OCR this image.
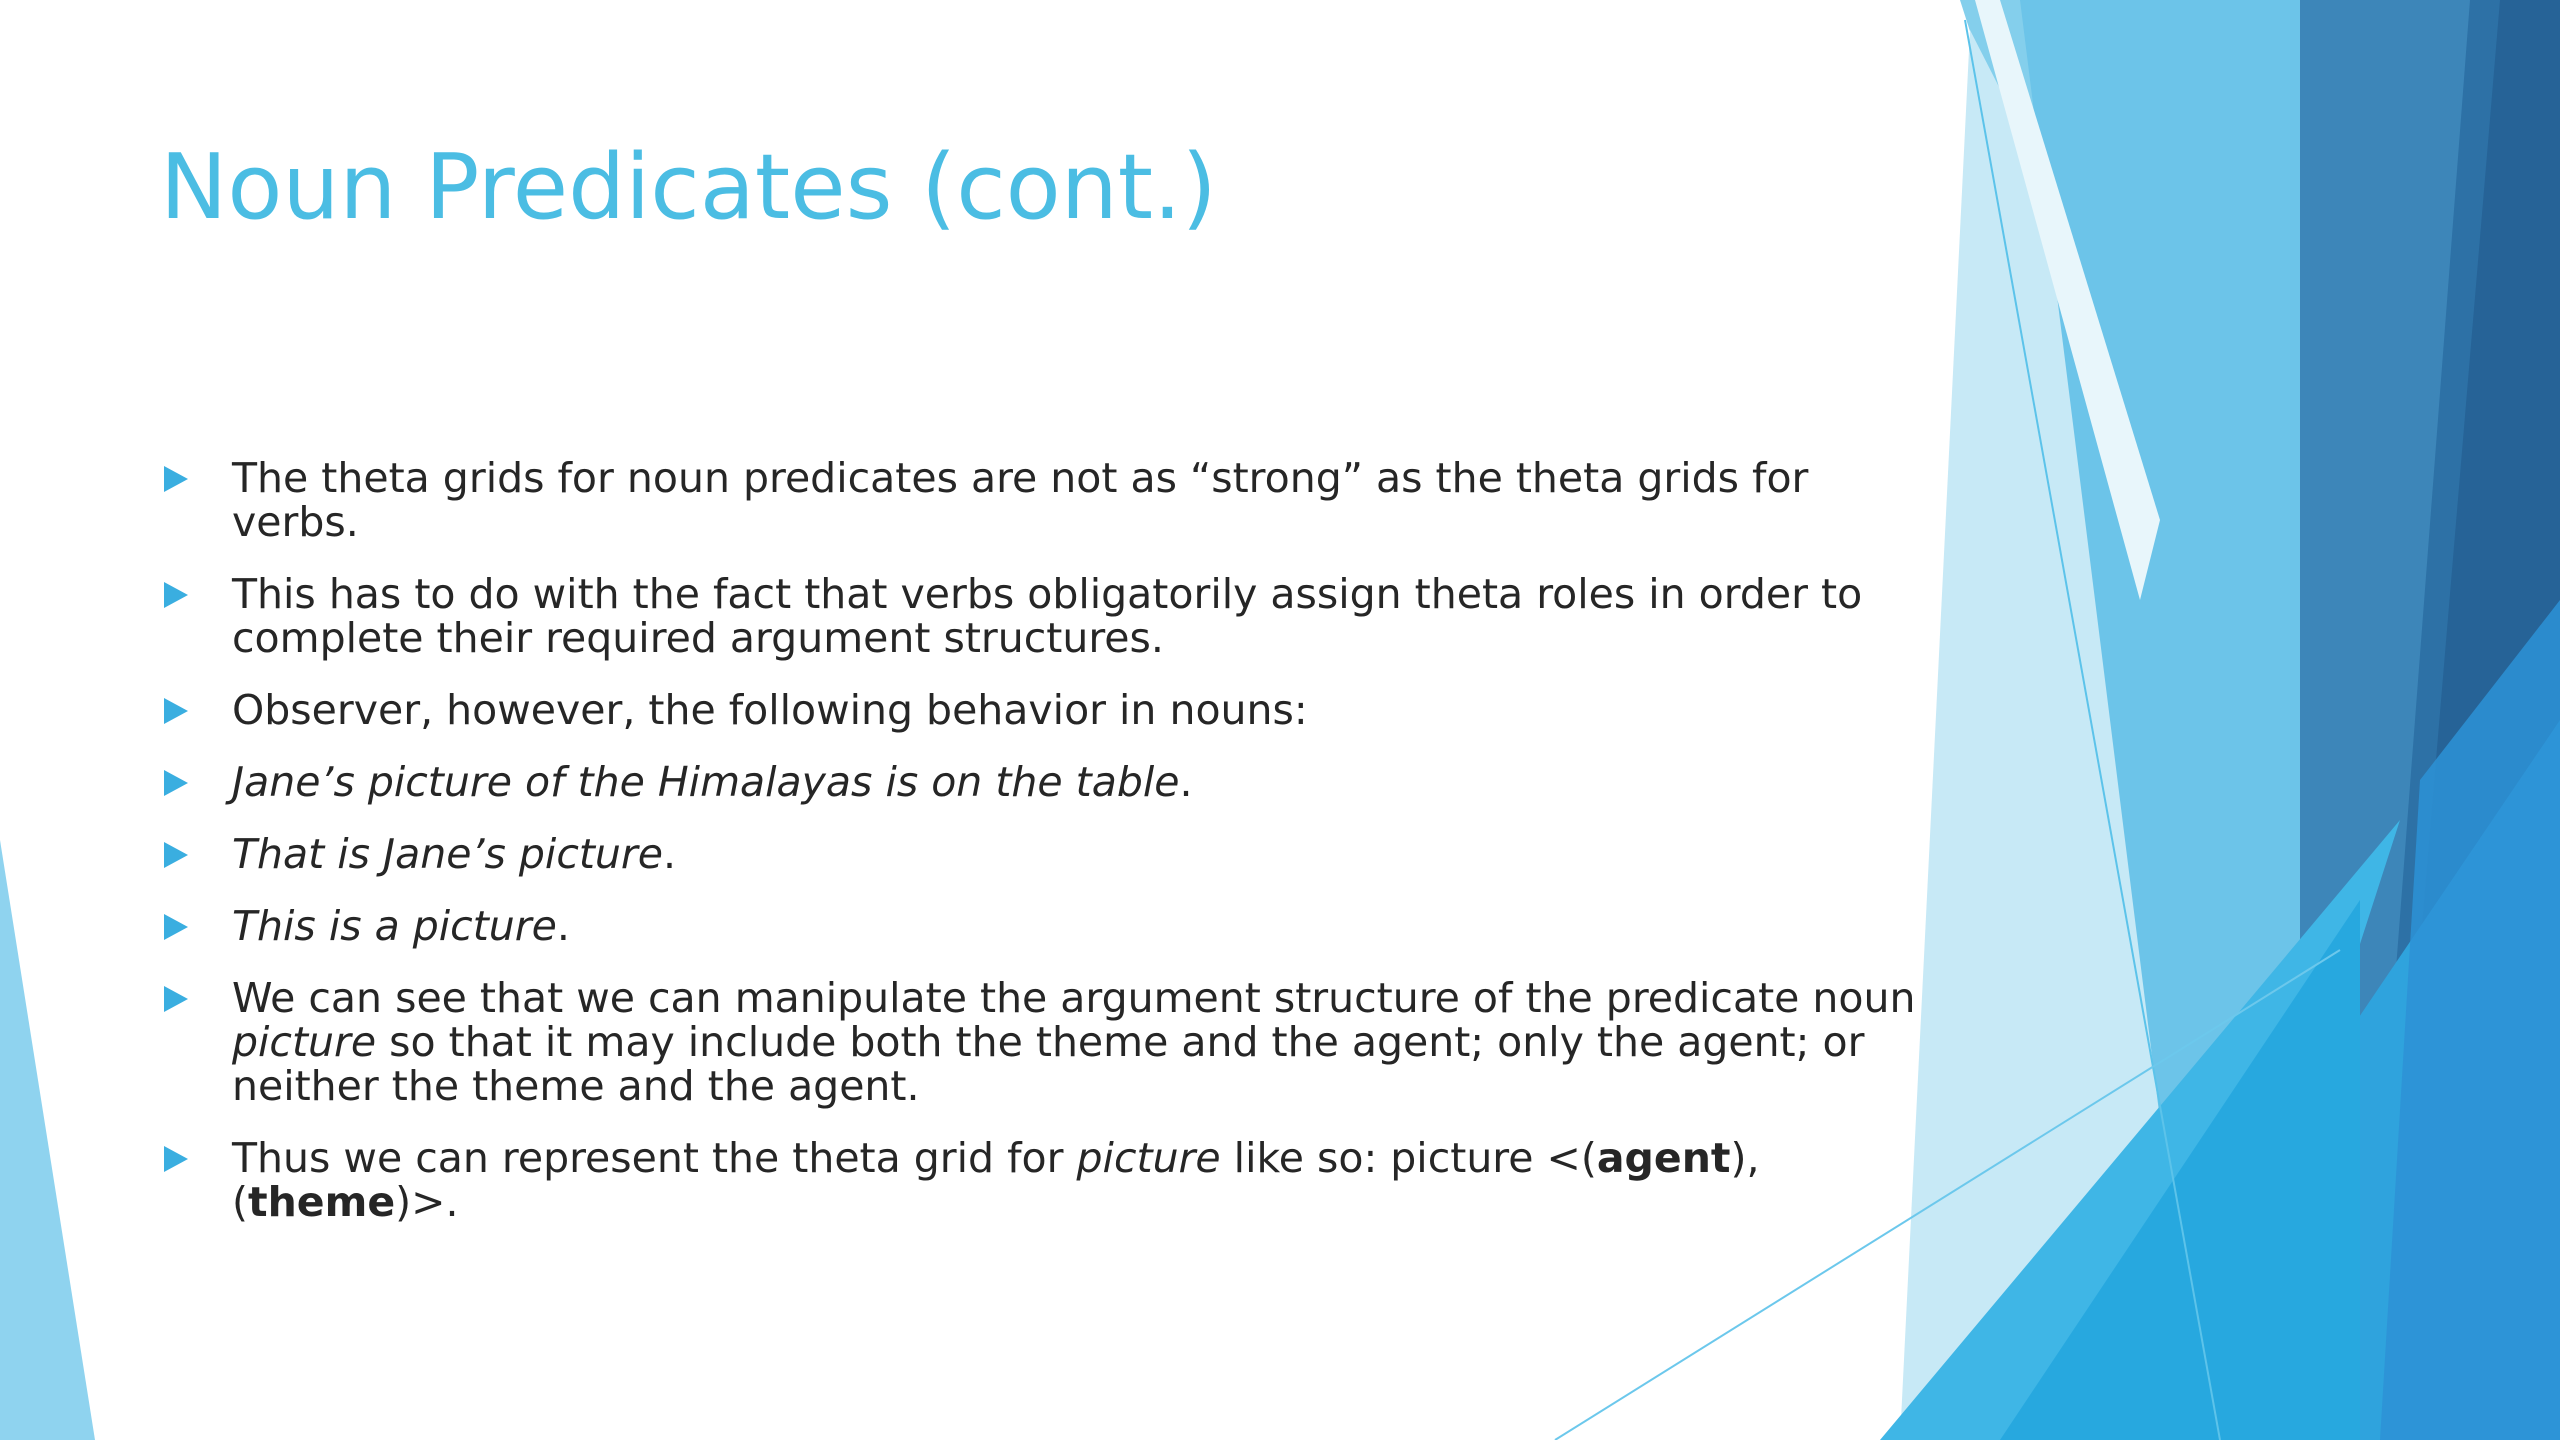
Noun Predicates (cont.)
The theta grids for noun predicates are not as “strong” as the theta grids for verbs.
This has to do with the fact that verbs obligatorily assign theta roles in order to complete their required argument structures.
Observer, however, the following behavior in nouns:
Jane’s picture of the Himalayas is on the table.
That is Jane’s picture.
This is a picture.
We can see that we can manipulate the argument structure of the predicate noun picture so that it may include both the theme and the agent; only the agent; or neither the theme and the agent.
Thus we can represent the theta grid for picture like so: picture <(agent), (theme)>.
